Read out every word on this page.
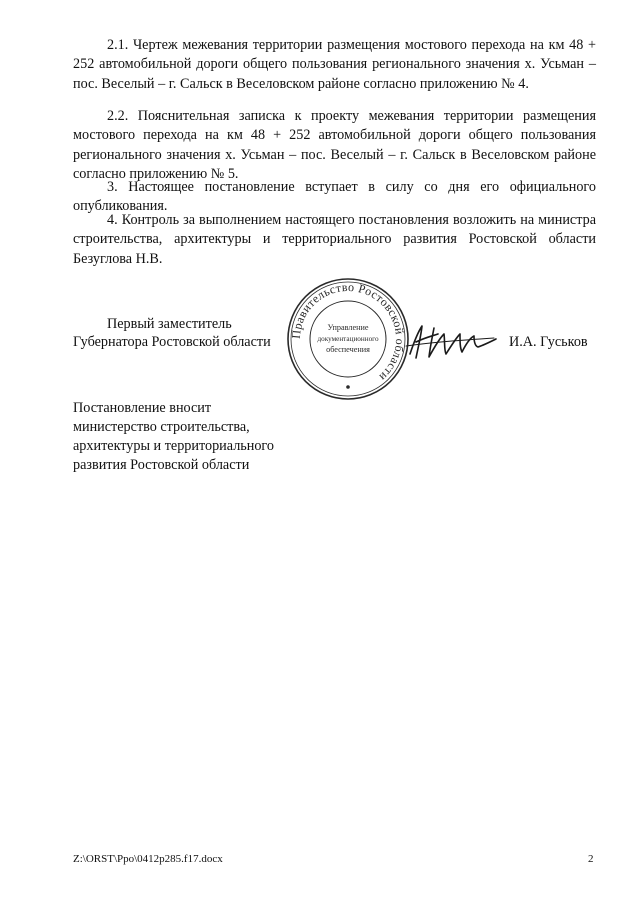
2.1. Чертеж межевания территории размещения мостового перехода на км 48 + 252 автомобильной дороги общего пользования регионального значения х. Усьман – пос. Веселый – г. Сальск в Веселовском районе согласно приложению № 4.

2.2. Пояснительная записка к проекту межевания территории размещения мостового перехода на км 48 + 252 автомобильной дороги общего пользования регионального значения х. Усьман – пос. Веселый – г. Сальск в Веселовском районе согласно приложению № 5.

3. Настоящее постановление вступает в силу со дня его официального опубликования.

4. Контроль за выполнением настоящего постановления возложить на министра строительства, архитектуры и территориального развития Ростовской области Безуглова Н.В.

Первый заместитель
Губернатора Ростовской области	И.А. Гуськов
Правительство Ростовской области
Управление
документационного
обеспечения
Постановление вносит
министерство строительства,
архитектуры и территориального
развития Ростовской области
Z:\ORST\Ppo\0412p285.f17.docx	2
